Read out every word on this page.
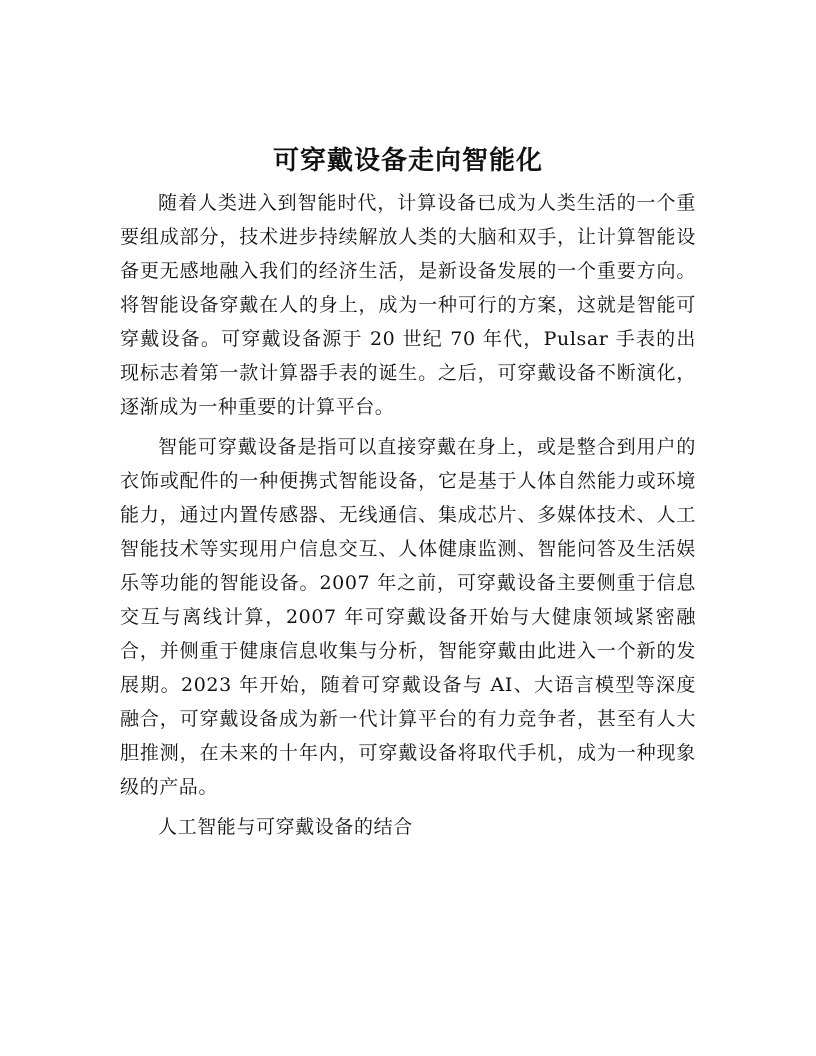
可穿戴设备走向智能化

随着人类进入到智能时代，计算设备已成为人类生活的一个重要组成部分，技术进步持续解放人类的大脑和双手，让计算智能设备更无感地融入我们的经济生活，是新设备发展的一个重要方向。将智能设备穿戴在人的身上，成为一种可行的方案，这就是智能可穿戴设备。可穿戴设备源于 20 世纪 70 年代，Pulsar 手表的出现标志着第一款计算器手表的诞生。之后，可穿戴设备不断演化，逐渐成为一种重要的计算平台。

智能可穿戴设备是指可以直接穿戴在身上，或是整合到用户的衣饰或配件的一种便携式智能设备，它是基于人体自然能力或环境能力，通过内置传感器、无线通信、集成芯片、多媒体技术、人工智能技术等实现用户信息交互、人体健康监测、智能问答及生活娱乐等功能的智能设备。2007 年之前，可穿戴设备主要侧重于信息交互与离线计算，2007 年可穿戴设备开始与大健康领域紧密融合，并侧重于健康信息收集与分析，智能穿戴由此进入一个新的发展期。2023 年开始，随着可穿戴设备与 AI、大语言模型等深度融合，可穿戴设备成为新一代计算平台的有力竞争者，甚至有人大胆推测，在未来的十年内，可穿戴设备将取代手机，成为一种现象级的产品。

人工智能与可穿戴设备的结合
